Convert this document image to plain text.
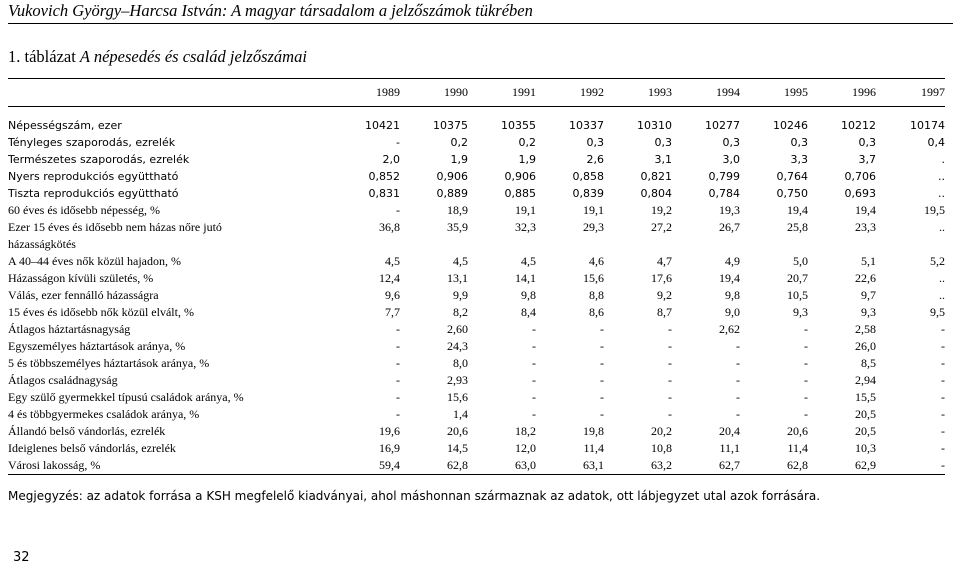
Vukovich György–Harcsa István: A magyar társadalom a jelzőszámok tükrében
1. táblázat A népesedés és család jelzőszámai
	1989	1990	1991	1992	1993	1994	1995	1996	1997
Népességszám, ezer	10421	10375	10355	10337	10310	10277	10246	10212	10174
Tényleges szaporodás, ezrelék	-	0,2	0,2	0,3	0,3	0,3	0,3	0,3	0,4
Természetes szaporodás, ezrelék	2,0	1,9	1,9	2,6	3,1	3,0	3,3	3,7	.
Nyers reprodukciós együttható	0,852	0,906	0,906	0,858	0,821	0,799	0,764	0,706	..
Tiszta reprodukciós együttható	0,831	0,889	0,885	0,839	0,804	0,784	0,750	0,693	..
60 éves és idősebb népesség, %	-	18,9	19,1	19,1	19,2	19,3	19,4	19,4	19,5
Ezer 15 éves és idősebb nem házas nőre jutó	36,8	35,9	32,3	29,3	27,2	26,7	25,8	23,3	..
házasságkötés									
A 40–44 éves nők közül hajadon, %	4,5	4,5	4,5	4,6	4,7	4,9	5,0	5,1	5,2
Házasságon kívüli születés, %	12,4	13,1	14,1	15,6	17,6	19,4	20,7	22,6	..
Válás, ezer fennálló házasságra	9,6	9,9	9,8	8,8	9,2	9,8	10,5	9,7	..
15 éves és idősebb nők közül elvált, %	7,7	8,2	8,4	8,6	8,7	9,0	9,3	9,3	9,5
Átlagos háztartásnagyság	-	2,60	-	-	-	2,62	-	2,58	-
Egyszemélyes háztartások aránya, %	-	24,3	-	-	-	-	-	26,0	-
5 és többszemélyes háztartások aránya, %	-	8,0	-	-	-	-	-	8,5	-
Átlagos családnagyság	-	2,93	-	-	-	-	-	2,94	-
Egy szülő gyermekkel típusú családok aránya, %	-	15,6	-	-	-	-	-	15,5	-
4 és többgyermekes családok aránya, %	-	1,4	-	-	-	-	-	20,5	-
Állandó belső vándorlás, ezrelék	19,6	20,6	18,2	19,8	20,2	20,4	20,6	20,5	-
Ideiglenes belső vándorlás, ezrelék	16,9	14,5	12,0	11,4	10,8	11,1	11,4	10,3	-
Városi lakosság, %	59,4	62,8	63,0	63,1	63,2	62,7	62,8	62,9	-
Megjegyzés: az adatok forrása a KSH megfelelő kiadványai, ahol máshonnan származnak az adatok, ott lábjegyzet utal azok forrására.
32
